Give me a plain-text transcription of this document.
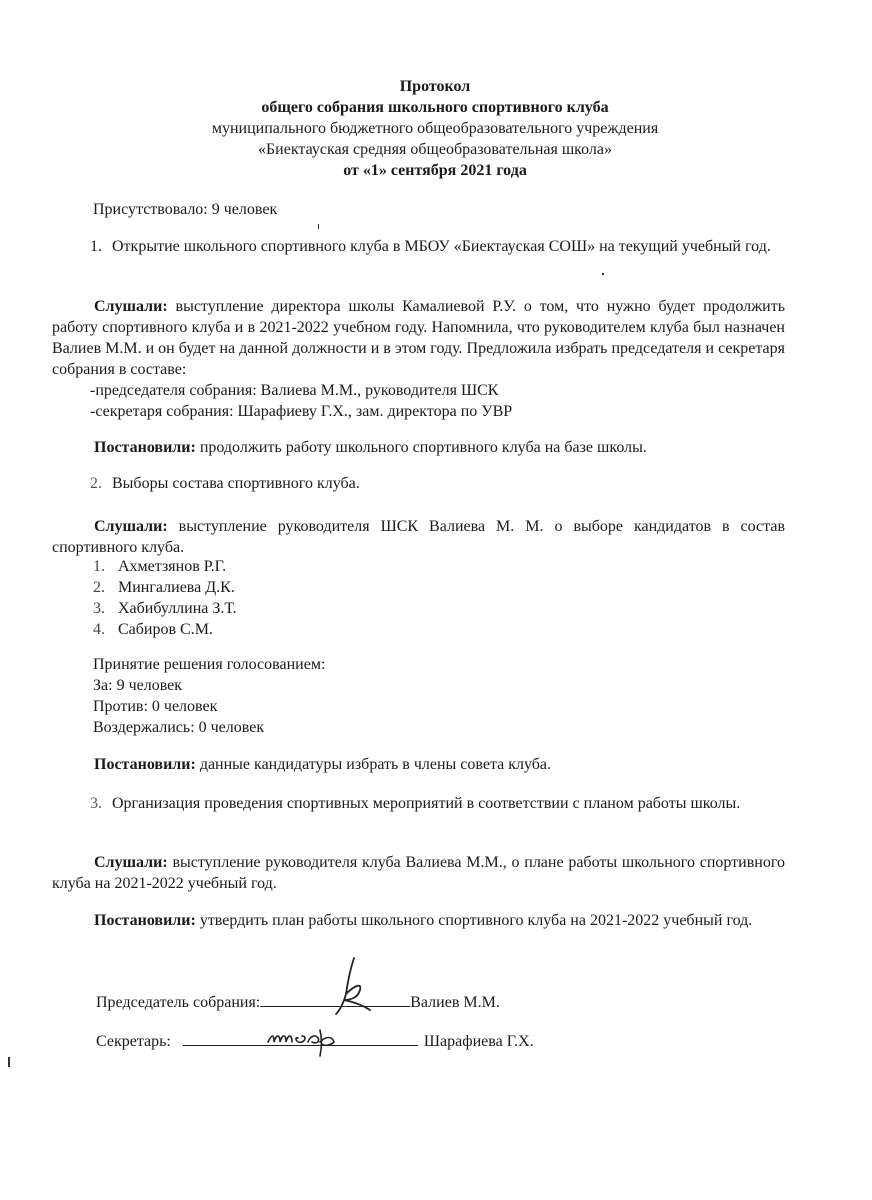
Протокол
общего собрания школьного спортивного клуба
муниципального бюджетного общеобразовательного учреждения
«Биектауская средняя общеобразовательная школа»
от «1» сентября 2021 года
Присутствовало: 9 человек
1. Открытие школьного спортивного клуба в МБОУ «Биектауская СОШ» на текущий учебный год.
Слушали: выступление директора школы Камалиевой Р.У. о том, что нужно будет продолжить работу спортивного клуба и в 2021-2022 учебном году. Напомнила, что руководителем клуба был назначен Валиев М.М. и он будет на данной должности и в этом году. Предложила избрать председателя и секретаря собрания в составе:
-председателя собрания: Валиева М.М., руководителя ШСК
-секретаря собрания: Шарафиеву Г.Х., зам. директора по УВР
Постановили: продолжить работу школьного спортивного клуба на базе школы.
2. Выборы состава спортивного клуба.
Слушали: выступление руководителя ШСК Валиева М. М. о выборе кандидатов в состав спортивного клуба.
1. Ахметзянов Р.Г.
2. Мингалиева Д.К.
3. Хабибуллина З.Т.
4. Сабиров С.М.
Принятие решения голосованием:
За: 9 человек
Против: 0 человек
Воздержались: 0 человек
Постановили: данные кандидатуры избрать в члены совета клуба.
3. Организация проведения спортивных мероприятий в соответствии с планом работы школы.
Слушали: выступление руководителя клуба Валиева М.М., о плане работы школьного спортивного клуба на 2021-2022 учебный год.
Постановили: утвердить план работы школьного спортивного клуба на 2021-2022 учебный год.
Председатель собрания:	Валиев М.М.
Секретарь:	Шарафиева Г.Х.
